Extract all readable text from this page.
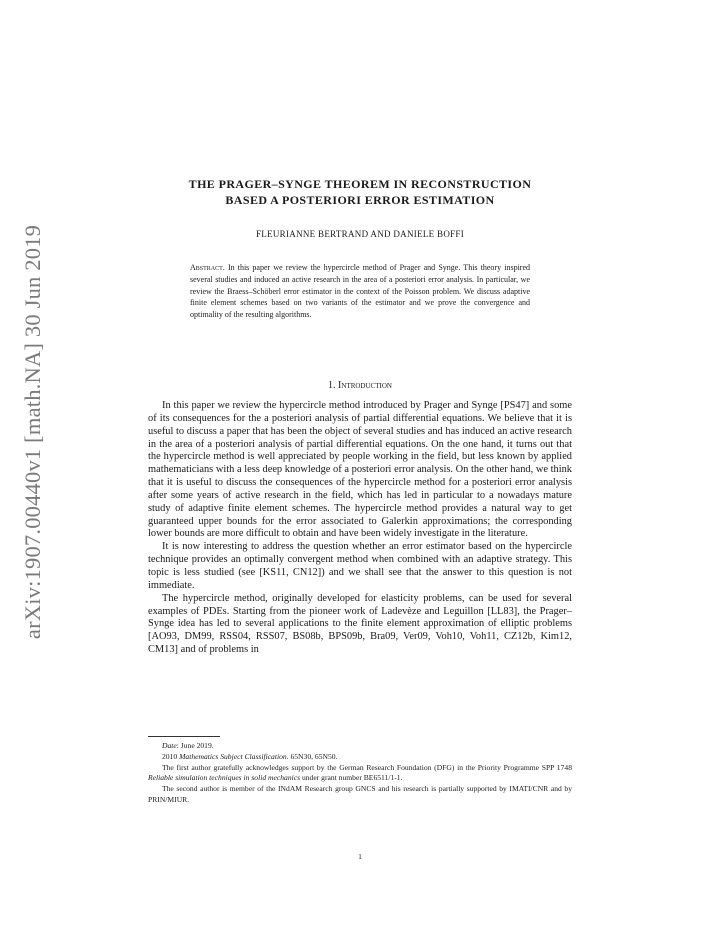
arXiv:1907.00440v1 [math.NA] 30 Jun 2019
THE PRAGER–SYNGE THEOREM IN RECONSTRUCTION
BASED A POSTERIORI ERROR ESTIMATION
FLEURIANNE BERTRAND AND DANIELE BOFFI
Abstract. In this paper we review the hypercircle method of Prager and Synge. This theory inspired several studies and induced an active research in the area of a posteriori error analysis. In particular, we review the Braess–Schöberl error estimator in the context of the Poisson problem. We discuss adaptive finite element schemes based on two variants of the estimator and we prove the convergence and optimality of the resulting algorithms.
1. Introduction

In this paper we review the hypercircle method introduced by Prager and Synge [PS47] and some of its consequences for the a posteriori analysis of partial differential equations. We believe that it is useful to discuss a paper that has been the object of several studies and has induced an active research in the area of a posteriori analysis of partial differential equations. On the one hand, it turns out that the hypercircle method is well appreciated by people working in the field, but less known by applied mathematicians with a less deep knowledge of a posteriori error analysis. On the other hand, we think that it is useful to discuss the consequences of the hypercircle method for a posteriori error analysis after some years of active research in the field, which has led in particular to a nowadays mature study of adaptive finite element schemes. The hypercircle method provides a natural way to get guaranteed upper bounds for the error associated to Galerkin approximations; the corresponding lower bounds are more difficult to obtain and have been widely investigate in the literature.

It is now interesting to address the question whether an error estimator based on the hypercircle technique provides an optimally convergent method when combined with an adaptive strategy. This topic is less studied (see [KS11, CN12]) and we shall see that the answer to this question is not immediate.

The hypercircle method, originally developed for elasticity problems, can be used for several examples of PDEs. Starting from the pioneer work of Ladevèze and Leguillon [LL83], the Prager–Synge idea has led to several applications to the finite element approximation of elliptic problems [AO93, DM99, RSS04, RSS07, BS08b, BPS09b, Bra09, Ver09, Voh10, Voh11, CZ12b, Kim12, CM13] and of problems in

Date: June 2019.

2010 Mathematics Subject Classification. 65N30, 65N50.

The first author gratefully acknowledges support by the German Research Foundation (DFG) in the Priority Programme SPP 1748 Reliable simulation techniques in solid mechanics under grant number BE6511/1-1.

The second author is member of the INdAM Research group GNCS and his research is partially supported by IMATI/CNR and by PRIN/MIUR.

1
